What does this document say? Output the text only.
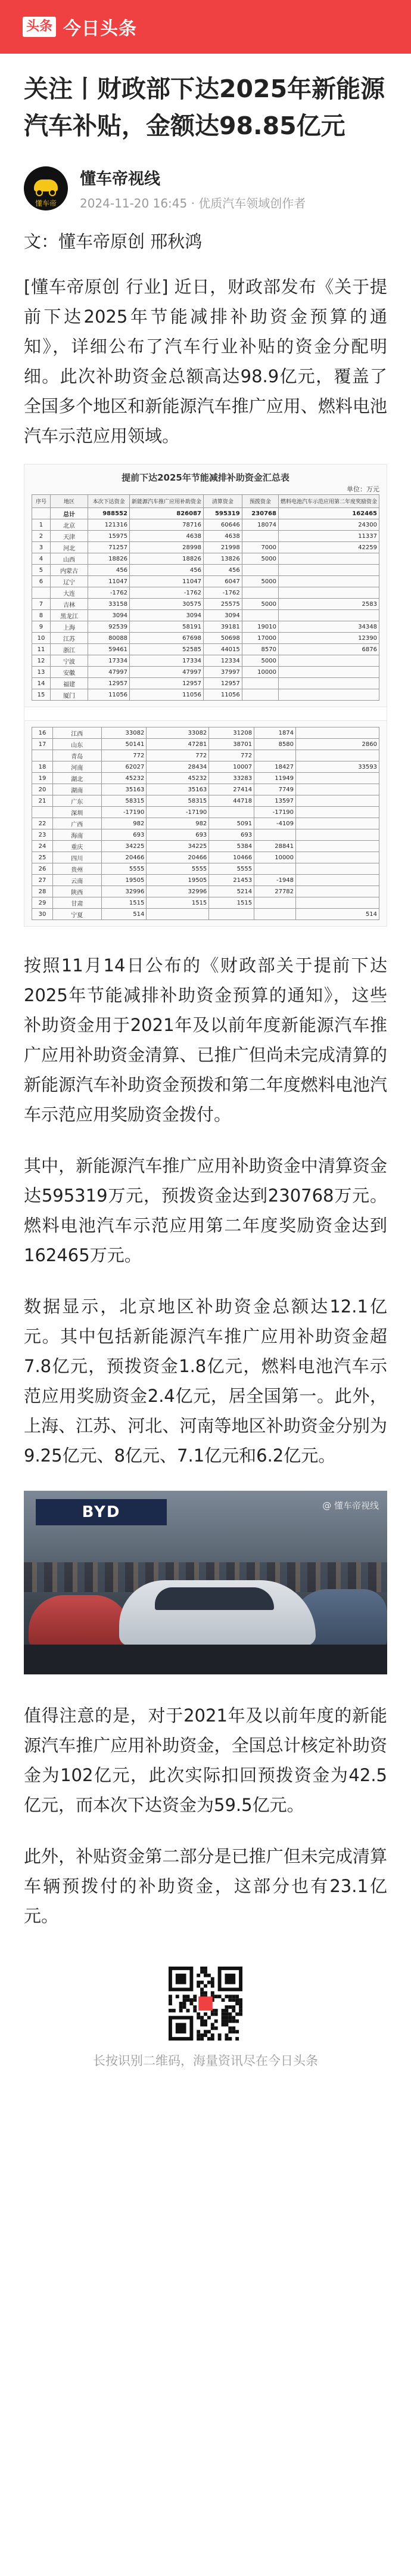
头条 今日头条
关注丨财政部下达2025年新能源汽车补贴，金额达98.85亿元
懂车帝
懂车帝视线
2024-11-20 16:45 · 优质汽车领域创作者

文：懂车帝原创 邢秋鸿

[懂车帝原创 行业] 近日，财政部发布《关于提前下达2025年节能减排补助资金预算的通知》，详细公布了汽车行业补贴的资金分配明细。此次补助资金总额高达98.9亿元，覆盖了全国多个地区和新能源汽车推广应用、燃料电池汽车示范应用领域。

提前下达2025年节能减排补助资金汇总表
单位：万元
序号	地区	本次下达资金	新能源汽车推广应用补助资金	清算资金	预拨资金	燃料电池汽车示范应用第二年度奖励资金
	总计	988552	826087	595319	230768	162465
1	北京	121316	78716	60646	18074	24300
2	天津	15975	4638	4638		11337
3	河北	71257	28998	21998	7000	42259
4	山西	18826	18826	13826	5000	
5	内蒙古	456	456	456		
6	辽宁	11047	11047	6047	5000	
	大连	-1762	-1762	-1762		
7	吉林	33158	30575	25575	5000	2583
8	黑龙江	3094	3094	3094		
9	上海	92539	58191	39181	19010	34348
10	江苏	80088	67698	50698	17000	12390
11	浙江	59461	52585	44015	8570	6876
12	宁波	17334	17334	12334	5000	
13	安徽	47997	47997	37997	10000	
14	福建	12957	12957	12957		
15	厦门	11056	11056	11056		
16	江西	33082	33082	31208	1874	
17	山东	50141	47281	38701	8580	2860
	青岛	772	772	772		
18	河南	62027	28434	10007	18427	33593
19	湖北	45232	45232	33283	11949	
20	湖南	35163	35163	27414	7749	
21	广东	58315	58315	44718	13597	
	深圳	-17190	-17190		-17190	
22	广西	982	982	5091	-4109	
23	海南	693	693	693		
24	重庆	34225	34225	5384	28841	
25	四川	20466	20466	10466	10000	
26	贵州	5555	5555	5555		
27	云南	19505	19505	21453	-1948	
28	陕西	32996	32996	5214	27782	
29	甘肃	1515	1515	1515		
30	宁夏	514				514

按照11月14日公布的《财政部关于提前下达2025年节能减排补助资金预算的通知》，这些补助资金用于2021年及以前年度新能源汽车推广应用补助资金清算、已推广但尚未完成清算的新能源汽车补助资金预拨和第二年度燃料电池汽车示范应用奖励资金拨付。

其中，新能源汽车推广应用补助资金中清算资金达595319万元，预拨资金达到230768万元。燃料电池汽车示范应用第二年度奖励资金达到162465万元。

数据显示，北京地区补助资金总额达12.1亿元。其中包括新能源汽车推广应用补助资金超7.8亿元，预拨资金1.8亿元，燃料电池汽车示范应用奖励资金2.4亿元，居全国第一。此外，上海、江苏、河北、河南等地区补助资金分别为9.25亿元、8亿元、7.1亿元和6.2亿元。

BYD	@ 懂车帝视线

值得注意的是，对于2021年及以前年度的新能源汽车推广应用补助资金，全国总计核定补助资金为102亿元，此次实际扣回预拨资金为42.5亿元，而本次下达资金为59.5亿元。

此外，补贴资金第二部分是已推广但未完成清算车辆预拨付的补助资金，这部分也有23.1亿元。

长按识别二维码，海量资讯尽在今日头条
